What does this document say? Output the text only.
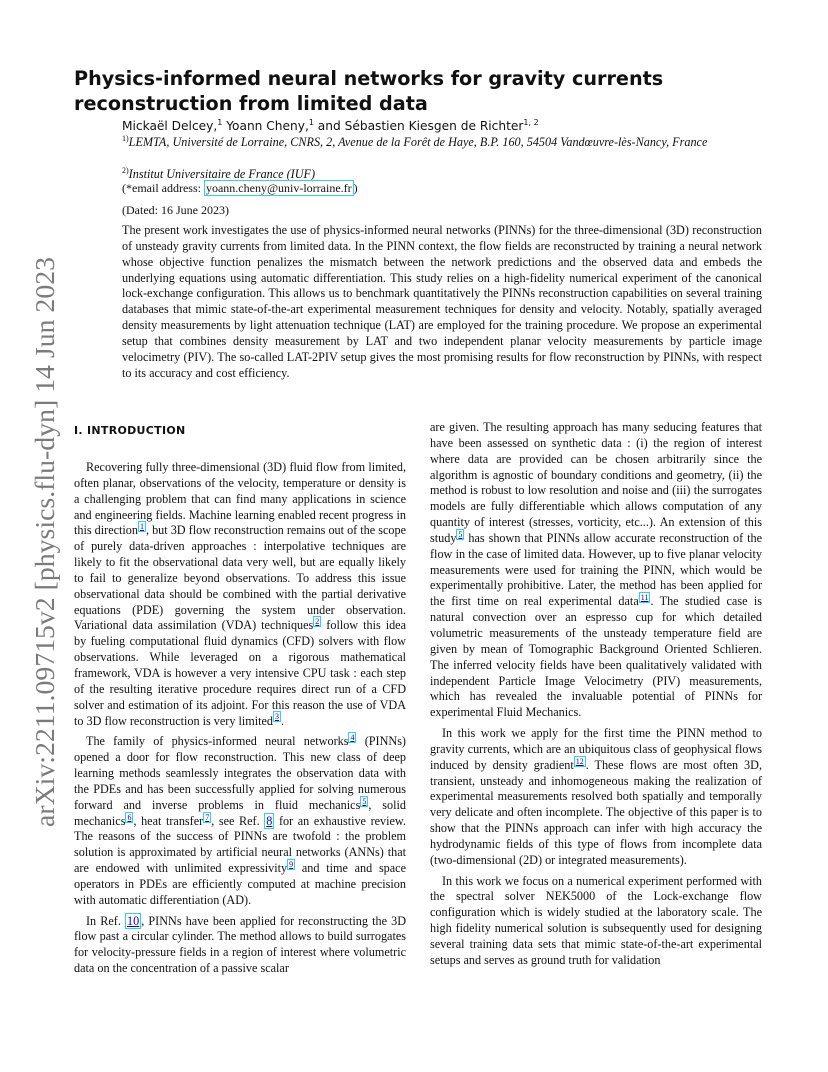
arXiv:2211.09715v2 [physics.flu-dyn] 14 Jun 2023
Physics-informed neural networks for gravity currents reconstruction from limited data
Mickaël Delcey,$^1$ Yoann Cheny,$^1$ and Sébastien Kiesgen de Richter$^{1, 2}$
$^{1)}$LEMTA, Université de Lorraine, CNRS, 2, Avenue de la Forêt de Haye, B.P. 160, 54504 Vandœuvre-lès-Nancy, France
$^{2)}$Institut Universitaire de France (IUF)
(*email address: yoann.cheny@univ-lorraine.fr )
(Dated: 16 June 2023)

The present work investigates the use of physics-informed neural networks (PINNs) for the three-dimensional (3D) reconstruction of unsteady gravity currents from limited data. In the PINN context, the flow fields are reconstructed by training a neural network whose objective function penalizes the mismatch between the network predictions and the observed data and embeds the underlying equations using automatic differentiation. This study relies on a high-fidelity numerical experiment of the canonical lock-exchange configuration. This allows us to benchmark quantitatively the PINNs reconstruction capabilities on several training databases that mimic state-of-the-art experimental measurement techniques for density and velocity. Notably, spatially averaged density measurements by light attenuation technique (LAT) are employed for the training procedure. We propose an experimental setup that combines density measurement by LAT and two independent planar velocity measurements by particle image velocimetry (PIV). The so-called LAT-2PIV setup gives the most promising results for flow reconstruction by PINNs, with respect to its accuracy and cost efficiency.

I. INTRODUCTION

Recovering fully three-dimensional (3D) fluid flow from limited, often planar, observations of the velocity, temperature or density is a challenging problem that can find many applications in science and engineering fields. Machine learning enabled recent progress in this direction $^1$ , but 3D flow reconstruction remains out of the scope of purely data-driven approaches : interpolative techniques are likely to fit the observational data very well, but are equally likely to fail to generalize beyond observations. To address this issue observational data should be combined with the partial derivative equations (PDE) governing the system under observation. Variational data assimilation (VDA) techniques $^2$ follow this idea by fueling computational fluid dynamics (CFD) solvers with flow observations. While leveraged on a rigorous mathematical framework, VDA is however a very intensive CPU task : each step of the resulting iterative procedure requires direct run of a CFD solver and estimation of its adjoint. For this reason the use of VDA to 3D flow reconstruction is very limited $^3$ .

The family of physics-informed neural networks $^4$ (PINNs) opened a door for flow reconstruction. This new class of deep learning methods seamlessly integrates the observation data with the PDEs and has been successfully applied for solving numerous forward and inverse problems in fluid mechanics $^5$ , solid mechanics $^6$ , heat transfer $^7$ , see Ref. 8 for an exhaustive review. The reasons of the success of PINNs are twofold : the problem solution is approximated by artificial neural networks (ANNs) that are endowed with unlimited expressivity $^9$ and time and space operators in PDEs are efficiently computed at machine precision with automatic differentiation (AD).

In Ref. 10 , PINNs have been applied for reconstructing the 3D flow past a circular cylinder. The method allows to build surrogates for velocity-pressure fields in a region of interest where volumetric data on the concentration of a passive scalar

are given. The resulting approach has many seducing features that have been assessed on synthetic data : (i) the region of interest where data are provided can be chosen arbitrarily since the algorithm is agnostic of boundary conditions and geometry, (ii) the method is robust to low resolution and noise and (iii) the surrogates models are fully differentiable which allows computation of any quantity of interest (stresses, vorticity, etc...). An extension of this study $^5$ has shown that PINNs allow accurate reconstruction of the flow in the case of limited data. However, up to five planar velocity measurements were used for training the PINN, which would be experimentally prohibitive. Later, the method has been applied for the first time on real experimental data $^{11}$ . The studied case is natural convection over an espresso cup for which detailed volumetric measurements of the unsteady temperature field are given by mean of Tomographic Background Oriented Schlieren. The inferred velocity fields have been qualitatively validated with independent Particle Image Velocimetry (PIV) measurements, which has revealed the invaluable potential of PINNs for experimental Fluid Mechanics.

In this work we apply for the first time the PINN method to gravity currents, which are an ubiquitous class of geophysical flows induced by density gradient $^{12}$ . These flows are most often 3D, transient, unsteady and inhomogeneous making the realization of experimental measurements resolved both spatially and temporally very delicate and often incomplete. The objective of this paper is to show that the PINNs approach can infer with high accuracy the hydrodynamic fields of this type of flows from incomplete data (two-dimensional (2D) or integrated measurements).

In this work we focus on a numerical experiment performed with the spectral solver NEK5000 of the Lock-exchange flow configuration which is widely studied at the laboratory scale. The high fidelity numerical solution is subsequently used for designing several training data sets that mimic state-of-the-art experimental setups and serves as ground truth for validation
